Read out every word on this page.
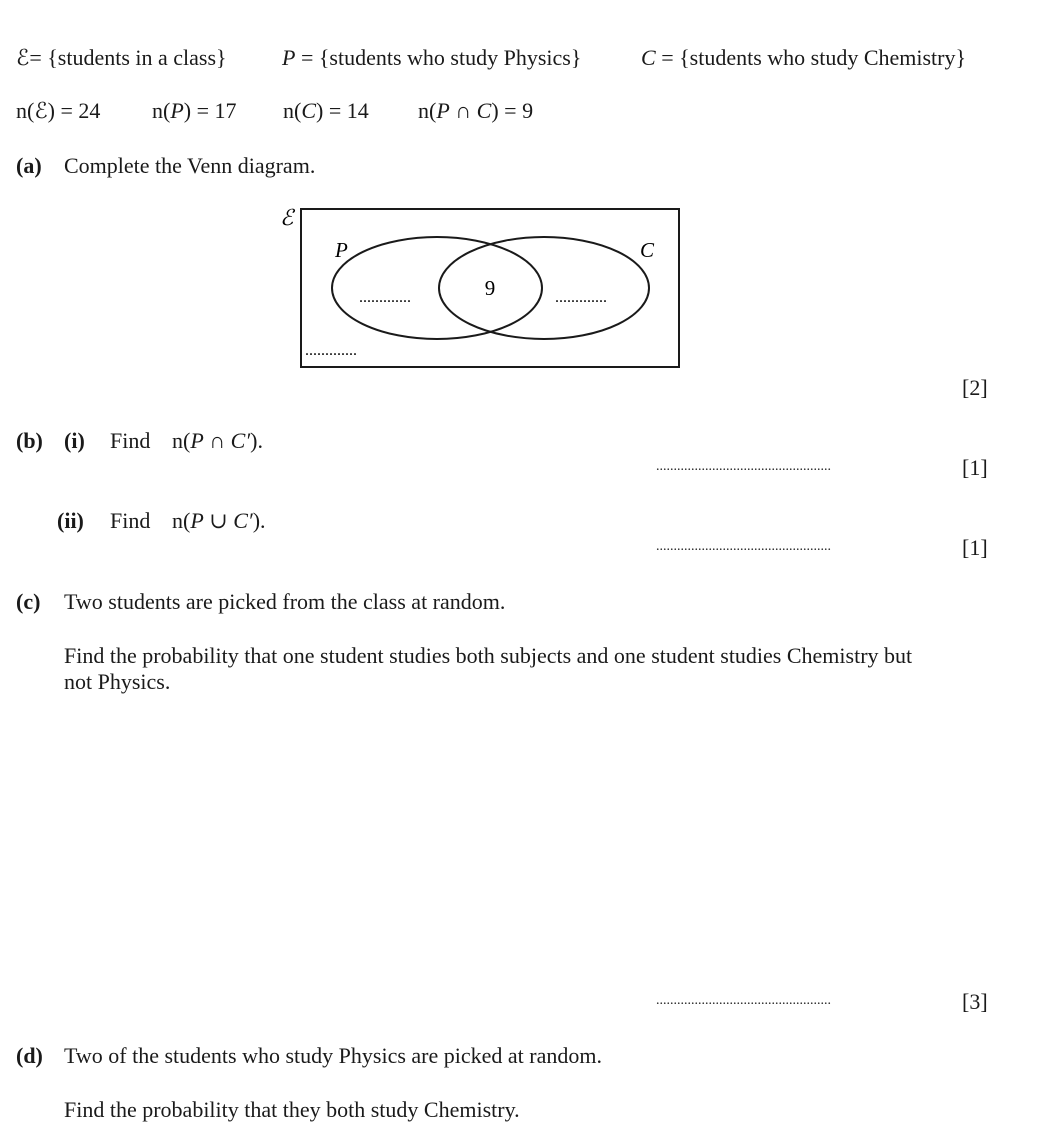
ℰ= {students in a class}	P = {students who study Physics}	C = {students who study Chemistry}
n(ℰ) = 24 n(P) = 17 n(C) = 14 n(P ∩ C) = 9
(a) Complete the Venn diagram.
ℰ
P	C
9
.............	.............
.............
[2]
(b) (i) Find n(P ∩ C′).
..................................................	[1]
(ii) Find n(P ∪ C′).
..................................................	[1]
(c) Two students are picked from the class at random.
Find the probability that one student studies both subjects and one student studies Chemistry but
not Physics.
..................................................	[3]
(d) Two of the students who study Physics are picked at random.
Find the probability that they both study Chemistry.
